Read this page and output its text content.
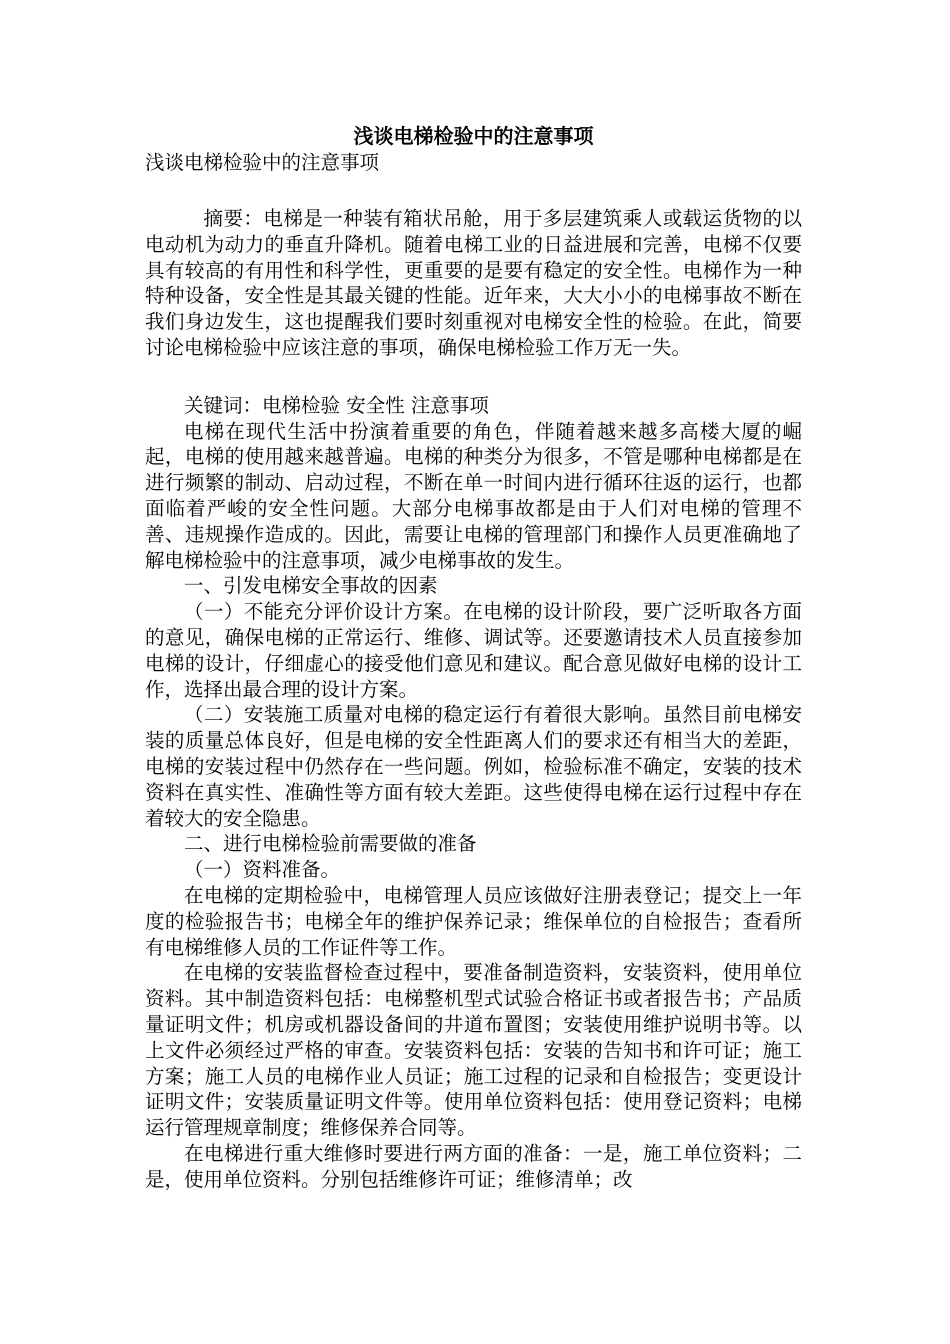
浅谈电梯检验中的注意事项

浅谈电梯检验中的注意事项

摘要：电梯是一种装有箱状吊舱，用于多层建筑乘人或载运货物的以电动机为动力的垂直升降机。随着电梯工业的日益进展和完善，电梯不仅要具有较高的有用性和科学性，更重要的是要有稳定的安全性。电梯作为一种特种设备，安全性是其最关键的性能。近年来，大大小小的电梯事故不断在我们身边发生，这也提醒我们要时刻重视对电梯安全性的检验。在此，简要讨论电梯检验中应该注意的事项，确保电梯检验工作万无一失。

关键词：电梯检验 安全性 注意事项

电梯在现代生活中扮演着重要的角色，伴随着越来越多高楼大厦的崛起，电梯的使用越来越普遍。电梯的种类分为很多，不管是哪种电梯都是在进行频繁的制动、启动过程，不断在单一时间内进行循环往返的运行，也都面临着严峻的安全性问题。大部分电梯事故都是由于人们对电梯的管理不善、违规操作造成的。因此，需要让电梯的管理部门和操作人员更准确地了解电梯检验中的注意事项，减少电梯事故的发生。

一、引发电梯安全事故的因素

（一）不能充分评价设计方案。在电梯的设计阶段，要广泛听取各方面的意见，确保电梯的正常运行、维修、调试等。还要邀请技术人员直接参加电梯的设计，仔细虚心的接受他们意见和建议。配合意见做好电梯的设计工作，选择出最合理的设计方案。

（二）安装施工质量对电梯的稳定运行有着很大影响。虽然目前电梯安装的质量总体良好，但是电梯的安全性距离人们的要求还有相当大的差距，电梯的安装过程中仍然存在一些问题。例如，检验标准不确定，安装的技术资料在真实性、准确性等方面有较大差距。这些使得电梯在运行过程中存在着较大的安全隐患。

二、进行电梯检验前需要做的准备

（一）资料准备。

在电梯的定期检验中，电梯管理人员应该做好注册表登记；提交上一年度的检验报告书；电梯全年的维护保养记录；维保单位的自检报告；查看所有电梯维修人员的工作证件等工作。

在电梯的安装监督检查过程中，要准备制造资料，安装资料，使用单位资料。其中制造资料包括：电梯整机型式试验合格证书或者报告书；产品质量证明文件；机房或机器设备间的井道布置图；安装使用维护说明书等。以上文件必须经过严格的审查。安装资料包括：安装的告知书和许可证；施工方案；施工人员的电梯作业人员证；施工过程的记录和自检报告；变更设计证明文件；安装质量证明文件等。使用单位资料包括：使用登记资料；电梯运行管理规章制度；维修保养合同等。

在电梯进行重大维修时要进行两方面的准备：一是，施工单位资料；二是，使用单位资料。分别包括维修许可证；维修清单；改
